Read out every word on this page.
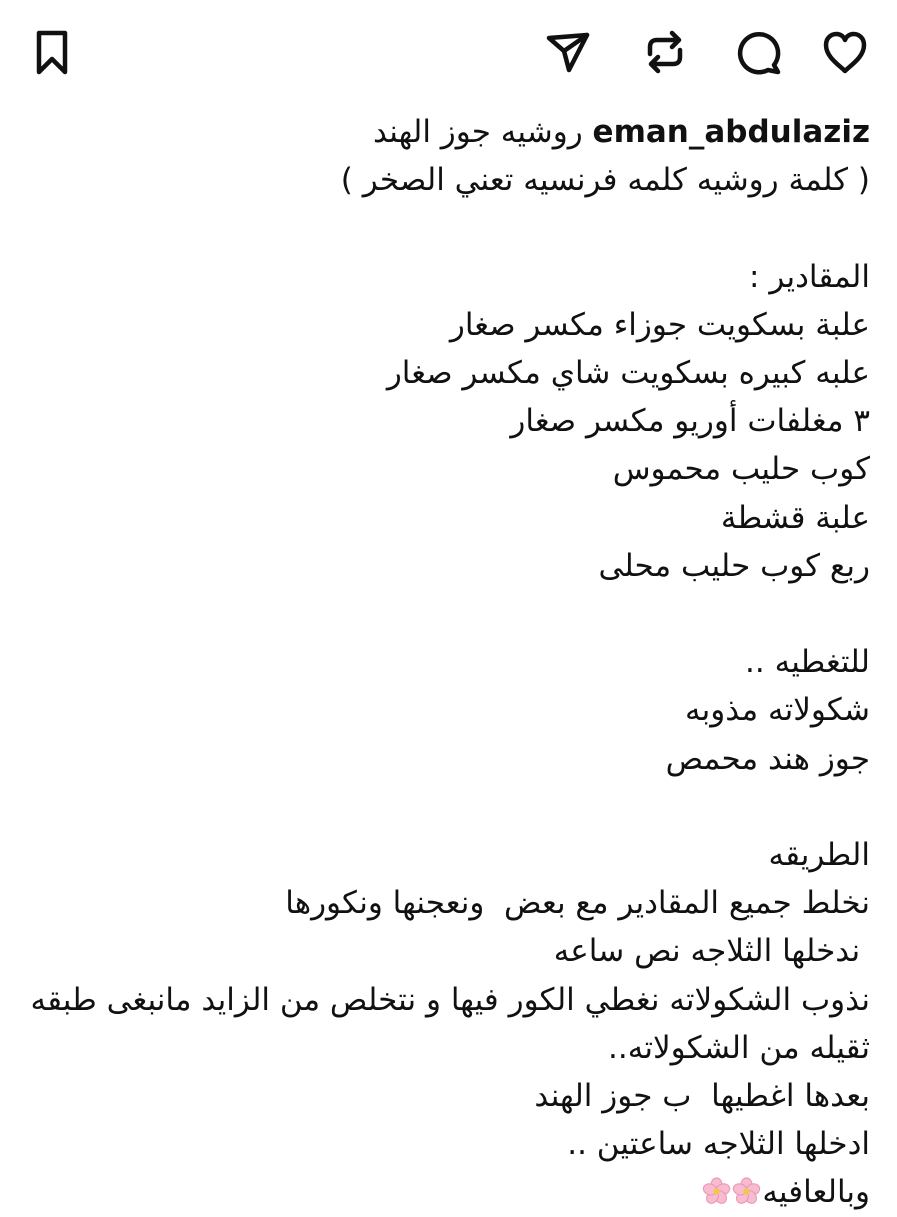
eman_abdulaziz روشيه جوز الهند
( كلمة روشيه كلمه فرنسيه تعني الصخر )
المقادير :
علبة بسكويت جوزاء مكسر صغار
علبه كبيره بسكويت شاي مكسر صغار
٣ مغلفات أوريو مكسر صغار
كوب حليب محموس
علبة قشطة
ربع كوب حليب محلى
للتغطيه ..
شكولاته مذوبه
جوز هند محمص
الطريقه
نخلط جميع المقادير مع بعض  ونعجنها ونكورها
ندخلها الثلاجه نص ساعه
نذوب الشكولاته نغطي الكور فيها و نتخلص من الزايد مانبغى طبقه
ثقيله من الشكولاته..
بعدها اغطيها  ب جوز الهند
ادخلها الثلاجه ساعتين ..
وبالعافيه
